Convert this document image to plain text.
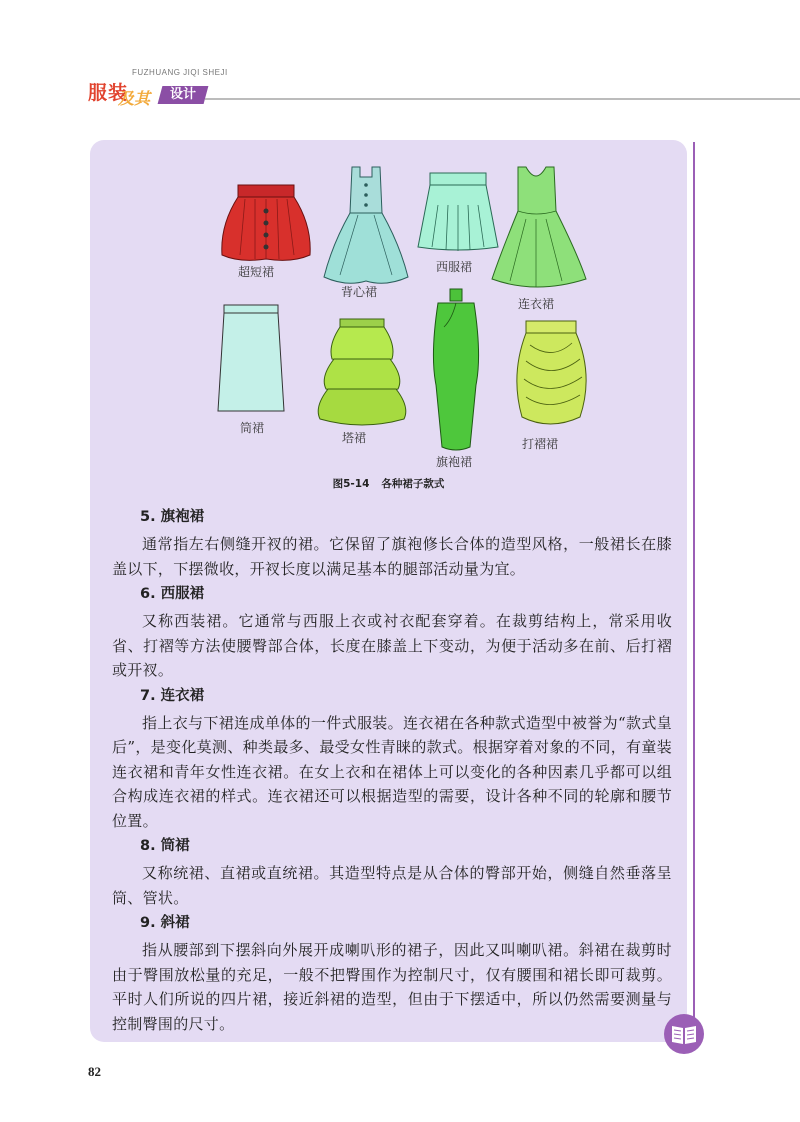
FUZHUANG JIQI SHEJI
服装
及其	设计
超短裙
背心裙
西服裙
连衣裙
筒裙
塔裙
旗袍裙
打褶裙
图5-14 各种裙子款式
5. 旗袍裙

通常指左右侧缝开衩的裙。它保留了旗袍修长合体的造型风格，一般裙长在膝盖以下，下摆微收，开衩长度以满足基本的腿部活动量为宜。

6. 西服裙

又称西装裙。它通常与西服上衣或衬衣配套穿着。在裁剪结构上，常采用收省、打褶等方法使腰臀部合体，长度在膝盖上下变动，为便于活动多在前、后打褶或开衩。

7. 连衣裙

指上衣与下裙连成单体的一件式服装。连衣裙在各种款式造型中被誉为“款式皇后”，是变化莫测、种类最多、最受女性青睐的款式。根据穿着对象的不同，有童装连衣裙和青年女性连衣裙。在女上衣和在裙体上可以变化的各种因素几乎都可以组合构成连衣裙的样式。连衣裙还可以根据造型的需要，设计各种不同的轮廓和腰节位置。

8. 筒裙

又称统裙、直裙或直统裙。其造型特点是从合体的臀部开始，侧缝自然垂落呈筒、管状。

9. 斜裙

指从腰部到下摆斜向外展开成喇叭形的裙子，因此又叫喇叭裙。斜裙在裁剪时由于臀围放松量的充足，一般不把臀围作为控制尺寸，仅有腰围和裙长即可裁剪。平时人们所说的四片裙，接近斜裙的造型，但由于下摆适中，所以仍然需要测量与控制臀围的尺寸。

82
